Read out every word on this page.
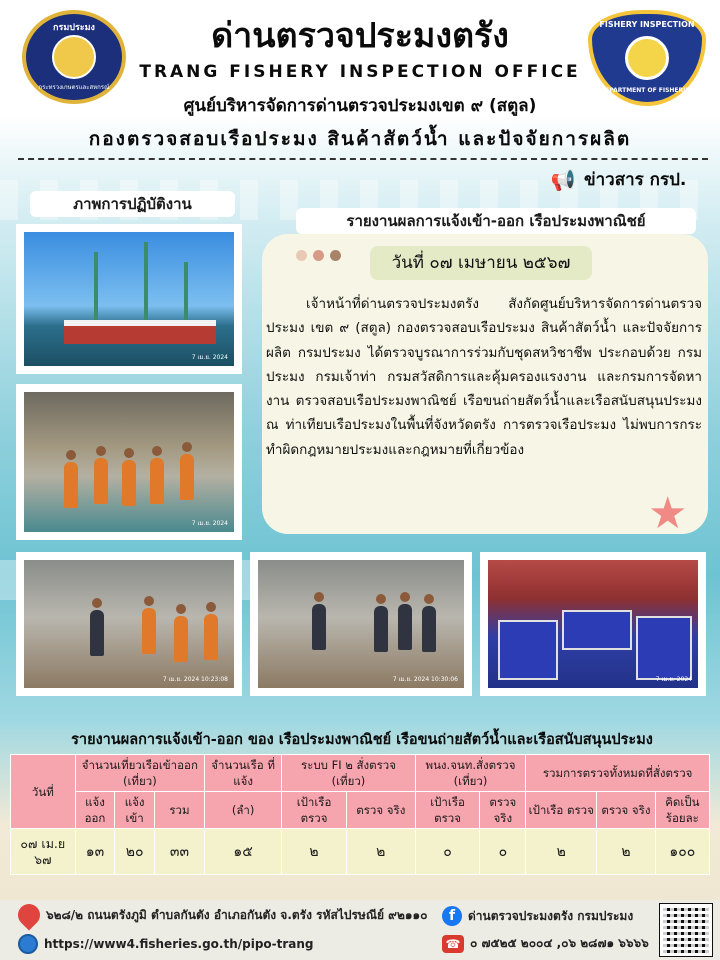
กรมประมง
กระทรวงเกษตรและสหกรณ์
ด่านตรวจประมงตรัง
TRANG FISHERY INSPECTION OFFICE
ศูนย์บริหารจัดการด่านตรวจประมงเขต ๙ (สตูล)
กองตรวจสอบเรือประมง สินค้าสัตว์น้ำ และปัจจัยการผลิต
FISHERY INSPECTION
DEPARTMENT OF FISHERIES
📢 ข่าวสาร กรป.
ภาพการปฏิบัติงาน
รายงานผลการแจ้งเข้า-ออก เรือประมงพาณิชย์
7 เม.ย. 2024
7 เม.ย. 2024
7 เม.ย. 2024 10:23:08	7 เม.ย. 2024 10:30:06	7 เม.ย. 2024
วันที่ ๐๗ เมษายน ๒๕๖๗
เจ้าหน้าที่ด่านตรวจประมงตรัง สังกัดศูนย์บริหารจัดการด่านตรวจประมง เขต ๙ (สตูล) กองตรวจสอบเรือประมง สินค้าสัตว์น้ำ และปัจจัยการผลิต กรมประมง ได้ตรวจบูรณาการร่วมกับชุดสหวิชาชีพ ประกอบด้วย กรมประมง กรมเจ้าท่า กรมสวัสดิการและคุ้มครองแรงงาน และกรมการจัดหางาน ตรวจสอบเรือประมงพาณิชย์ เรือขนถ่ายสัตว์น้ำและเรือสนับสนุนประมง ณ ท่าเทียบเรือประมงในพื้นที่จังหวัดตรัง การตรวจเรือประมง ไม่พบการกระทำผิดกฎหมายประมงและกฎหมายที่เกี่ยวข้อง
★
รายงานผลการแจ้งเข้า-ออก ของ เรือประมงพาณิชย์ เรือขนถ่ายสัตว์น้ำและเรือสนับสนุนประมง
วันที่	จำนวนเที่ยวเรือเข้าออก (เที่ยว)			จำนวนเรือ ที่แจ้ง	ระบบ FI ๒ สั่งตรวจ (เที่ยว)		พนง.จนท.สั่งตรวจ (เที่ยว)		รวมการตรวจทั้งหมดที่สั่งตรวจ		
	แจ้ง ออก	แจ้ง เข้า	รวม	(ลำ)	เป้าเรือ ตรวจ	ตรวจ จริง	เป้าเรือ ตรวจ	ตรวจ จริง	เป้าเรือ ตรวจ	ตรวจ จริง	คิดเป็น ร้อยละ
๐๗ เม.ย ๖๗	๑๓	๒๐	๓๓	๑๕	๒	๒	๐	๐	๒	๒	๑๐๐
๖๒๘/๒ ถนนตรังภูมิ ตำบลกันตัง อำเภอกันตัง จ.ตรัง รหัสไปรษณีย์ ๙๒๑๑๐	f	ด่านตรวจประมงตรัง กรมประมง
https://www4.fisheries.go.th/pipo-trang	☎ ๐ ๗๕๒๕ ๒๐๐๔ ,๐๖ ๒๘๗๑ ๖๖๖๖
